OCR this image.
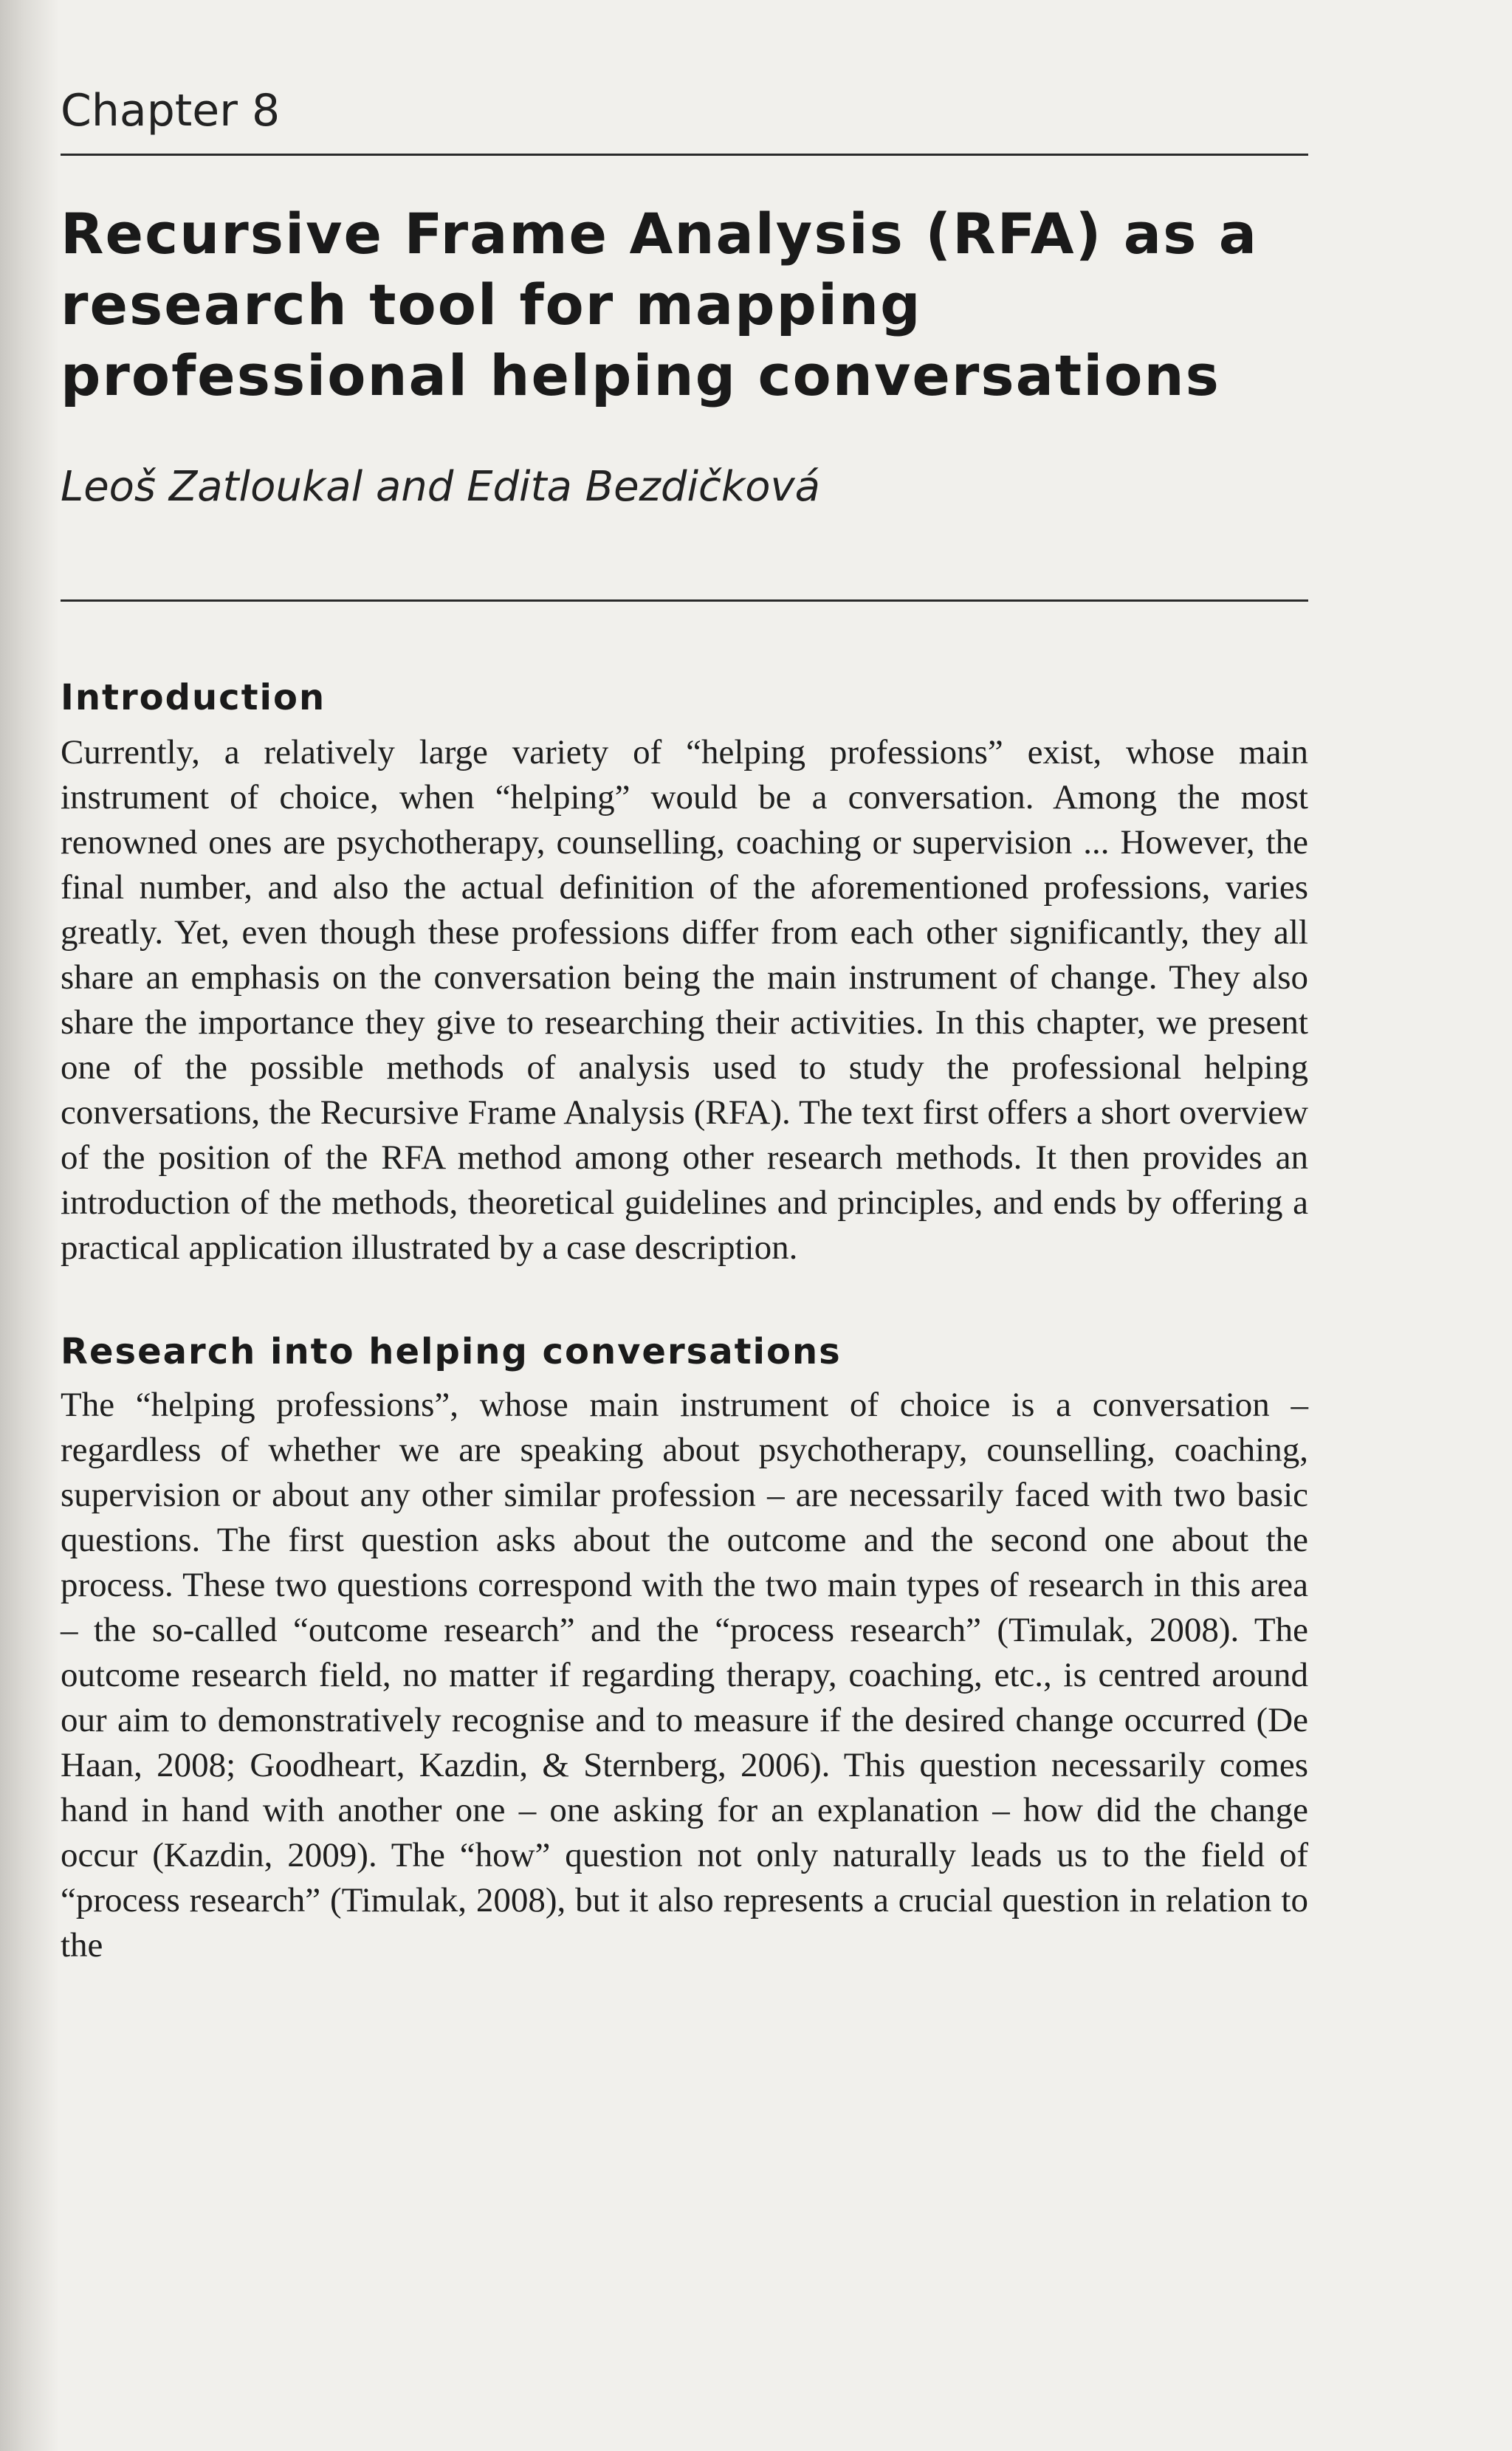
Chapter 8

Recursive Frame Analysis (RFA) as a research tool for mapping professional helping conversations

Leoš Zatloukal and Edita Bezdičková

Introduction

Currently, a relatively large variety of “helping professions” exist, whose main instrument of choice, when “helping” would be a conversation. Among the most renowned ones are psychotherapy, counselling, coaching or supervision ... However, the final number, and also the actual definition of the aforementioned professions, varies greatly. Yet, even though these professions differ from each other significantly, they all share an emphasis on the conversation being the main instrument of change. They also share the importance they give to researching their activities. In this chapter, we present one of the possible methods of analysis used to study the professional helping conversations, the Recursive Frame Analysis (RFA). The text first offers a short overview of the position of the RFA method among other research methods. It then provides an introduction of the methods, theoretical guidelines and principles, and ends by offering a practical application illustrated by a case description.

Research into helping conversations

The “helping professions”, whose main instrument of choice is a conversation – regardless of whether we are speaking about psychotherapy, counselling, coaching, supervision or about any other similar profession – are necessarily faced with two basic questions. The first question asks about the outcome and the second one about the process. These two questions correspond with the two main types of research in this area – the so-called “outcome research” and the “process research” (Timulak, 2008). The outcome research field, no matter if regarding therapy, coaching, etc., is centred around our aim to demonstratively recognise and to measure if the desired change occurred (De Haan, 2008; Goodheart, Kazdin, & Sternberg, 2006). This question necessarily comes hand in hand with another one – one asking for an explanation – how did the change occur (Kazdin, 2009). The “how” question not only naturally leads us to the field of “process research” (Timulak, 2008), but it also represents a crucial question in relation to the
